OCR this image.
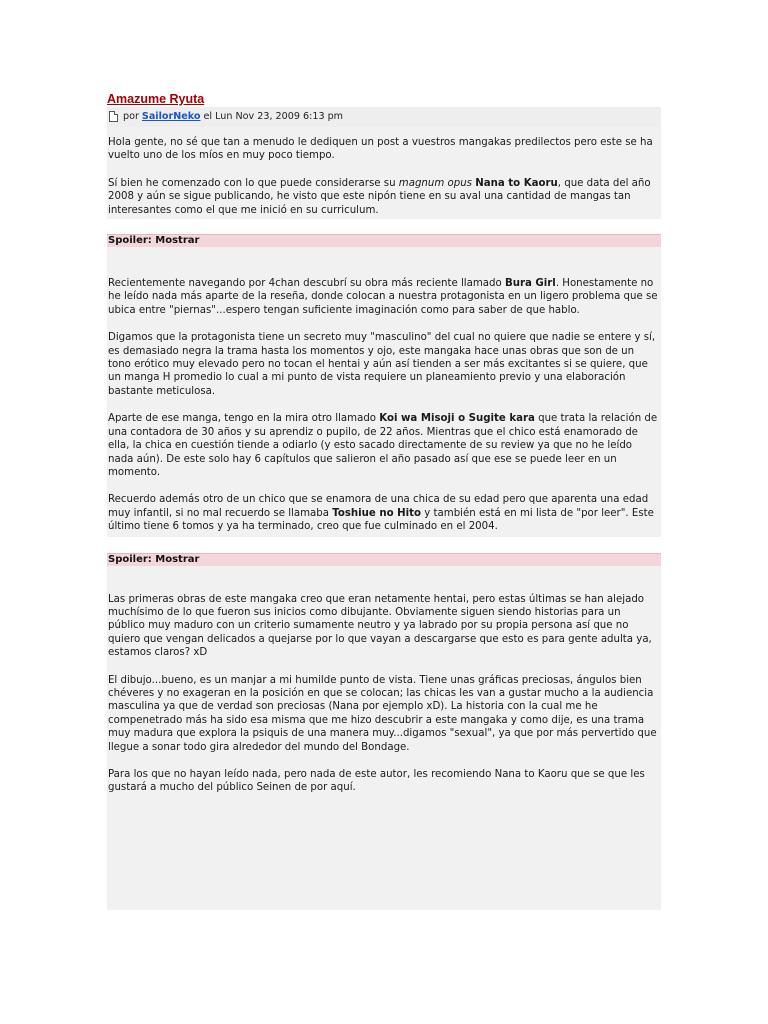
Amazume Ryuta
por SailorNeko el Lun Nov 23, 2009 6:13 pm

Hola gente, no sé que tan a menudo le dediquen un post a vuestros mangakas predilectos pero este se ha vuelto uno de los míos en muy poco tiempo.

Sí bien he comenzado con lo que puede considerarse su magnum opus Nana to Kaoru, que data del año 2008 y aún se sigue publicando, he visto que este nipón tiene en su aval una cantidad de mangas tan interesantes como el que me inició en su curriculum.

Spoiler: Mostrar

Recientemente navegando por 4chan descubrí su obra más reciente llamado Bura Girl. Honestamente no he leído nada más aparte de la reseña, donde colocan a nuestra protagonista en un ligero problema que se ubica entre "piernas"...espero tengan suficiente imaginación como para saber de que hablo.

Digamos que la protagonista tiene un secreto muy "masculino" del cual no quiere que nadie se entere y sí, es demasiado negra la trama hasta los momentos y ojo, este mangaka hace unas obras que son de un tono erótico muy elevado pero no tocan el hentai y aún así tienden a ser más excitantes si se quiere, que un manga H promedio lo cual a mi punto de vista requiere un planeamiento previo y una elaboración bastante meticulosa.

Aparte de ese manga, tengo en la mira otro llamado Koi wa Misoji o Sugite kara que trata la relación de una contadora de 30 años y su aprendiz o pupilo, de 22 años. Mientras que el chico está enamorado de ella, la chica en cuestión tiende a odiarlo (y esto sacado directamente de su review ya que no he leído nada aún). De este solo hay 6 capítulos que salieron el año pasado así que ese se puede leer en un momento.

Recuerdo además otro de un chico que se enamora de una chica de su edad pero que aparenta una edad muy infantil, si no mal recuerdo se llamaba Toshiue no Hito y también está en mi lista de "por leer". Este último tiene 6 tomos y ya ha terminado, creo que fue culminado en el 2004.

Spoiler: Mostrar

Las primeras obras de este mangaka creo que eran netamente hentai, pero estas últimas se han alejado muchísimo de lo que fueron sus inicios como dibujante. Obviamente siguen siendo historias para un público muy maduro con un criterio sumamente neutro y ya labrado por su propia persona así que no quiero que vengan delicados a quejarse por lo que vayan a descargarse que esto es para gente adulta ya, estamos claros? xD

El dibujo...bueno, es un manjar a mi humilde punto de vista. Tiene unas gráficas preciosas, ángulos bien chéveres y no exageran en la posición en que se colocan; las chicas les van a gustar mucho a la audiencia masculina ya que de verdad son preciosas (Nana por ejemplo xD). La historia con la cual me he compenetrado más ha sido esa misma que me hizo descubrir a este mangaka y como dije, es una trama muy madura que explora la psiquis de una manera muy...digamos "sexual", ya que por más pervertido que llegue a sonar todo gira alrededor del mundo del Bondage.

Para los que no hayan leído nada, pero nada de este autor, les recomiendo Nana to Kaoru que se que les gustará a mucho del público Seinen de por aquí.
